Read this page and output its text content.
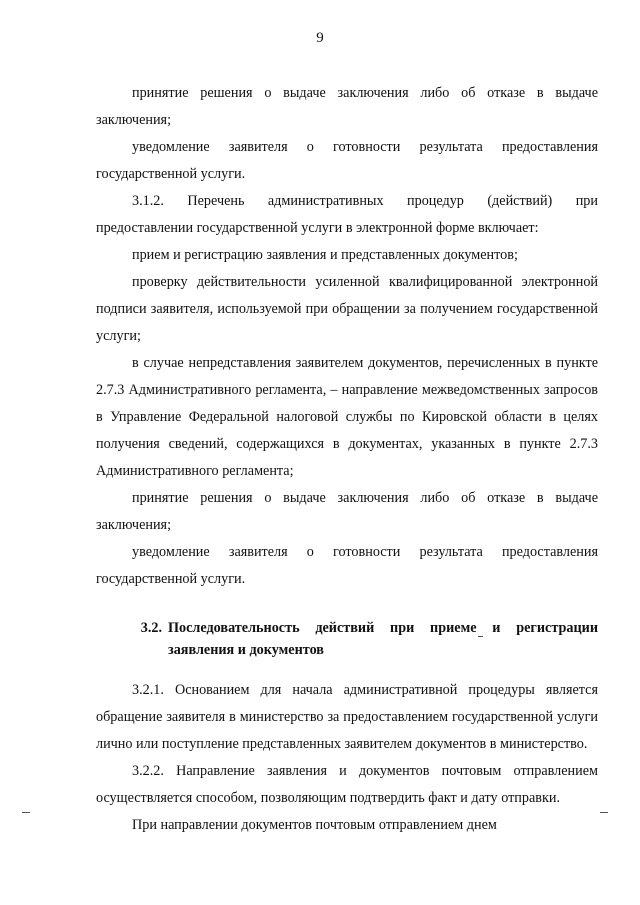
9

принятие решения о выдаче заключения либо об отказе в выдаче заключения;

уведомление заявителя о готовности результата предоставления государственной услуги.

3.1.2. Перечень административных процедур (действий) при предоставлении государственной услуги в электронной форме включает:

прием и регистрацию заявления и представленных документов;

проверку действительности усиленной квалифицированной электронной подписи заявителя, используемой при обращении за получением государственной услуги;

в случае непредставления заявителем документов, перечисленных в пункте 2.7.3 Административного регламента, – направление межведомственных запросов в Управление Федеральной налоговой службы по Кировской области в целях получения сведений, содержащихся в документах, указанных в пункте 2.7.3 Административного регламента;

принятие решения о выдаче заключения либо об отказе в выдаче заключения;

уведомление заявителя о готовности результата предоставления государственной услуги.

3.2. Последовательность действий при приеме и регистрации заявления и документов

3.2.1. Основанием для начала административной процедуры является обращение заявителя в министерство за предоставлением государственной услуги лично или поступление представленных заявителем документов в министерство.

3.2.2. Направление заявления и документов почтовым отправлением осуществляется способом, позволяющим подтвердить факт и дату отправки.

При направлении документов почтовым отправлением днем
